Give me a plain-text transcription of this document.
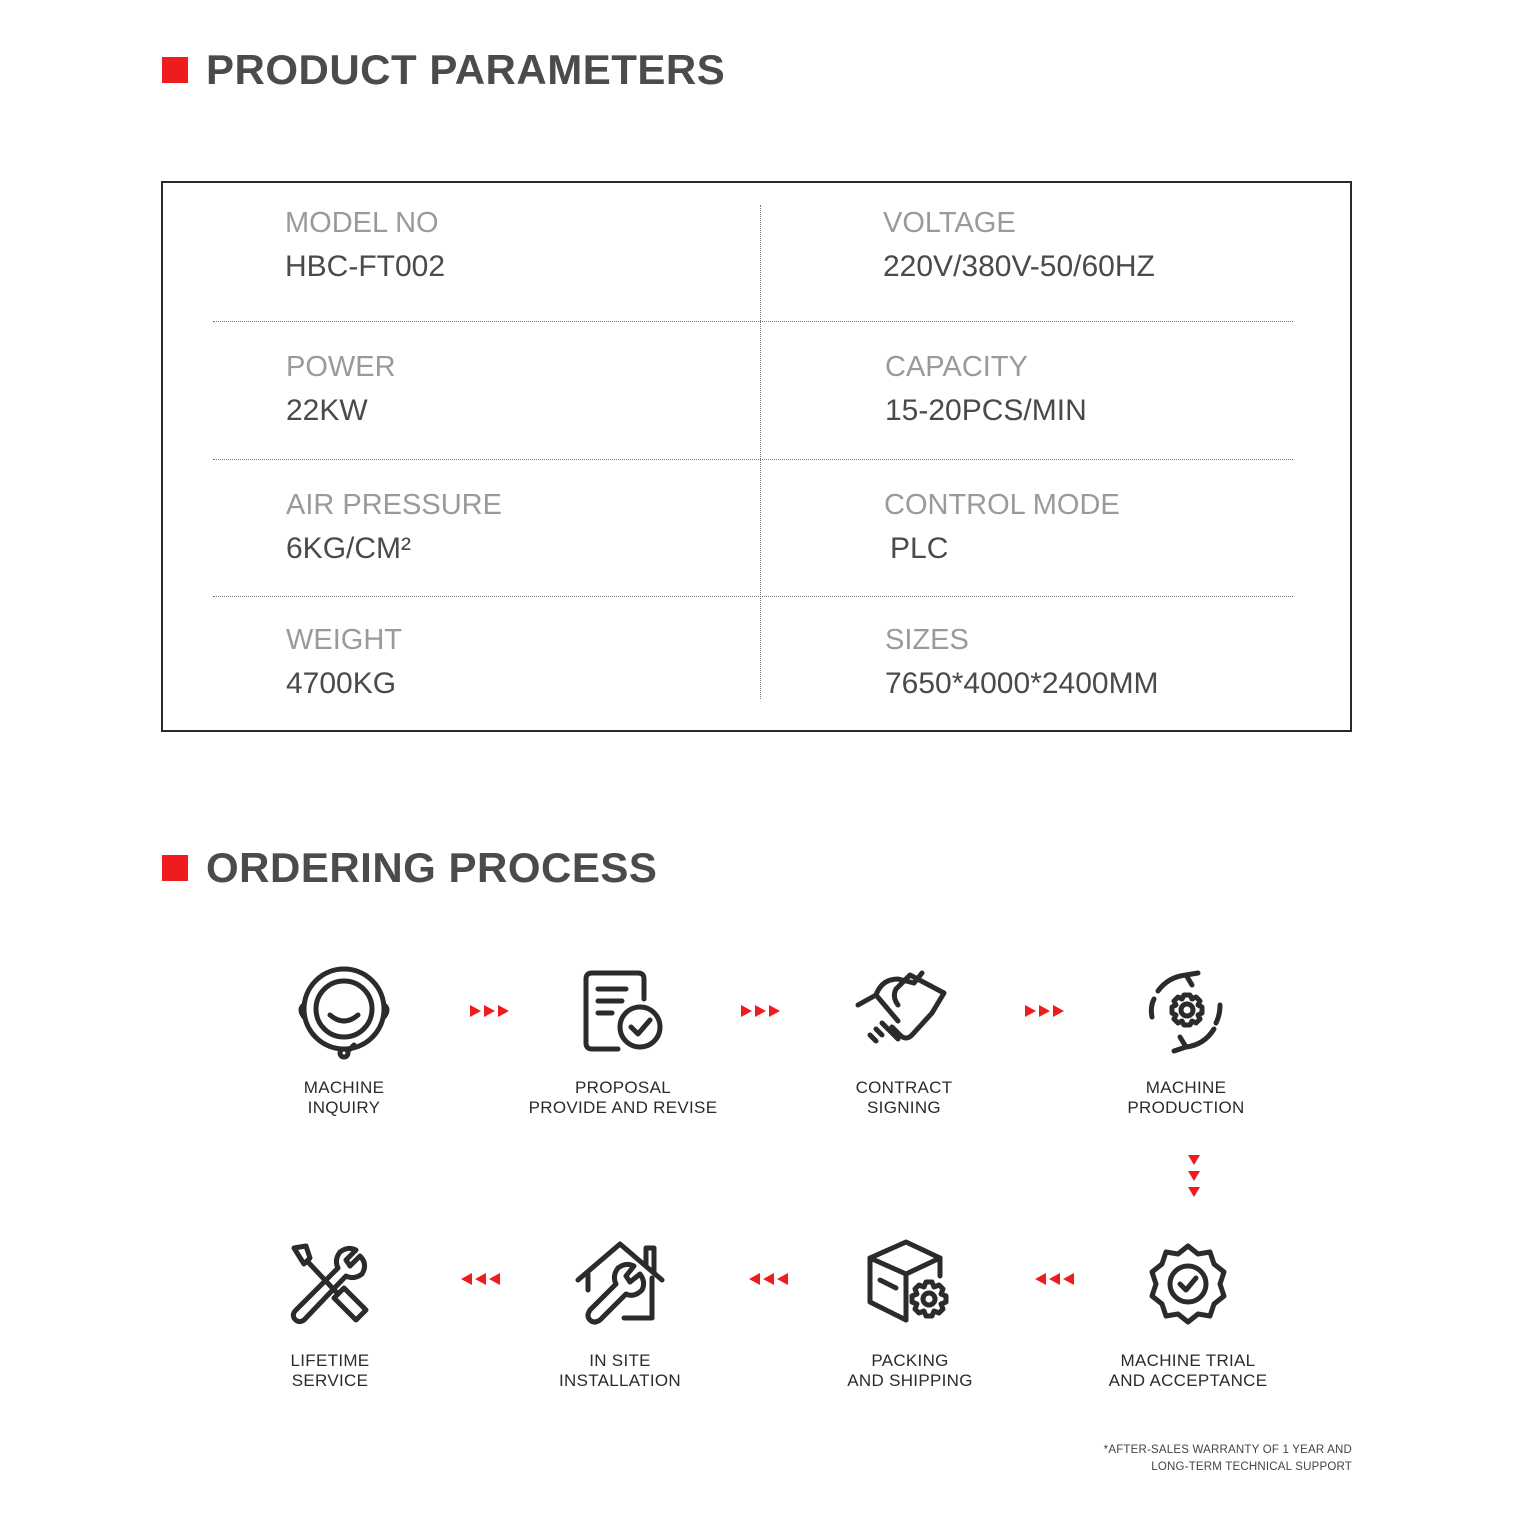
PRODUCT PARAMETERS
MODEL NO
HBC-FT002
VOLTAGE
220V/380V-50/60HZ
POWER
22KW
CAPACITY
15-20PCS/MIN
AIR PRESSURE
6KG/CM²
CONTROL MODE
PLC
WEIGHT
4700KG
SIZES
7650*4000*2400MM
ORDERING PROCESS
MACHINE
INQUIRY
PROPOSAL
PROVIDE AND REVISE
CONTRACT
SIGNING
MACHINE
PRODUCTION
LIFETIME
SERVICE
IN SITE
INSTALLATION
PACKING
AND SHIPPING
MACHINE TRIAL
AND ACCEPTANCE
*AFTER-SALES WARRANTY OF 1 YEAR AND
LONG-TERM TECHNICAL SUPPORT
